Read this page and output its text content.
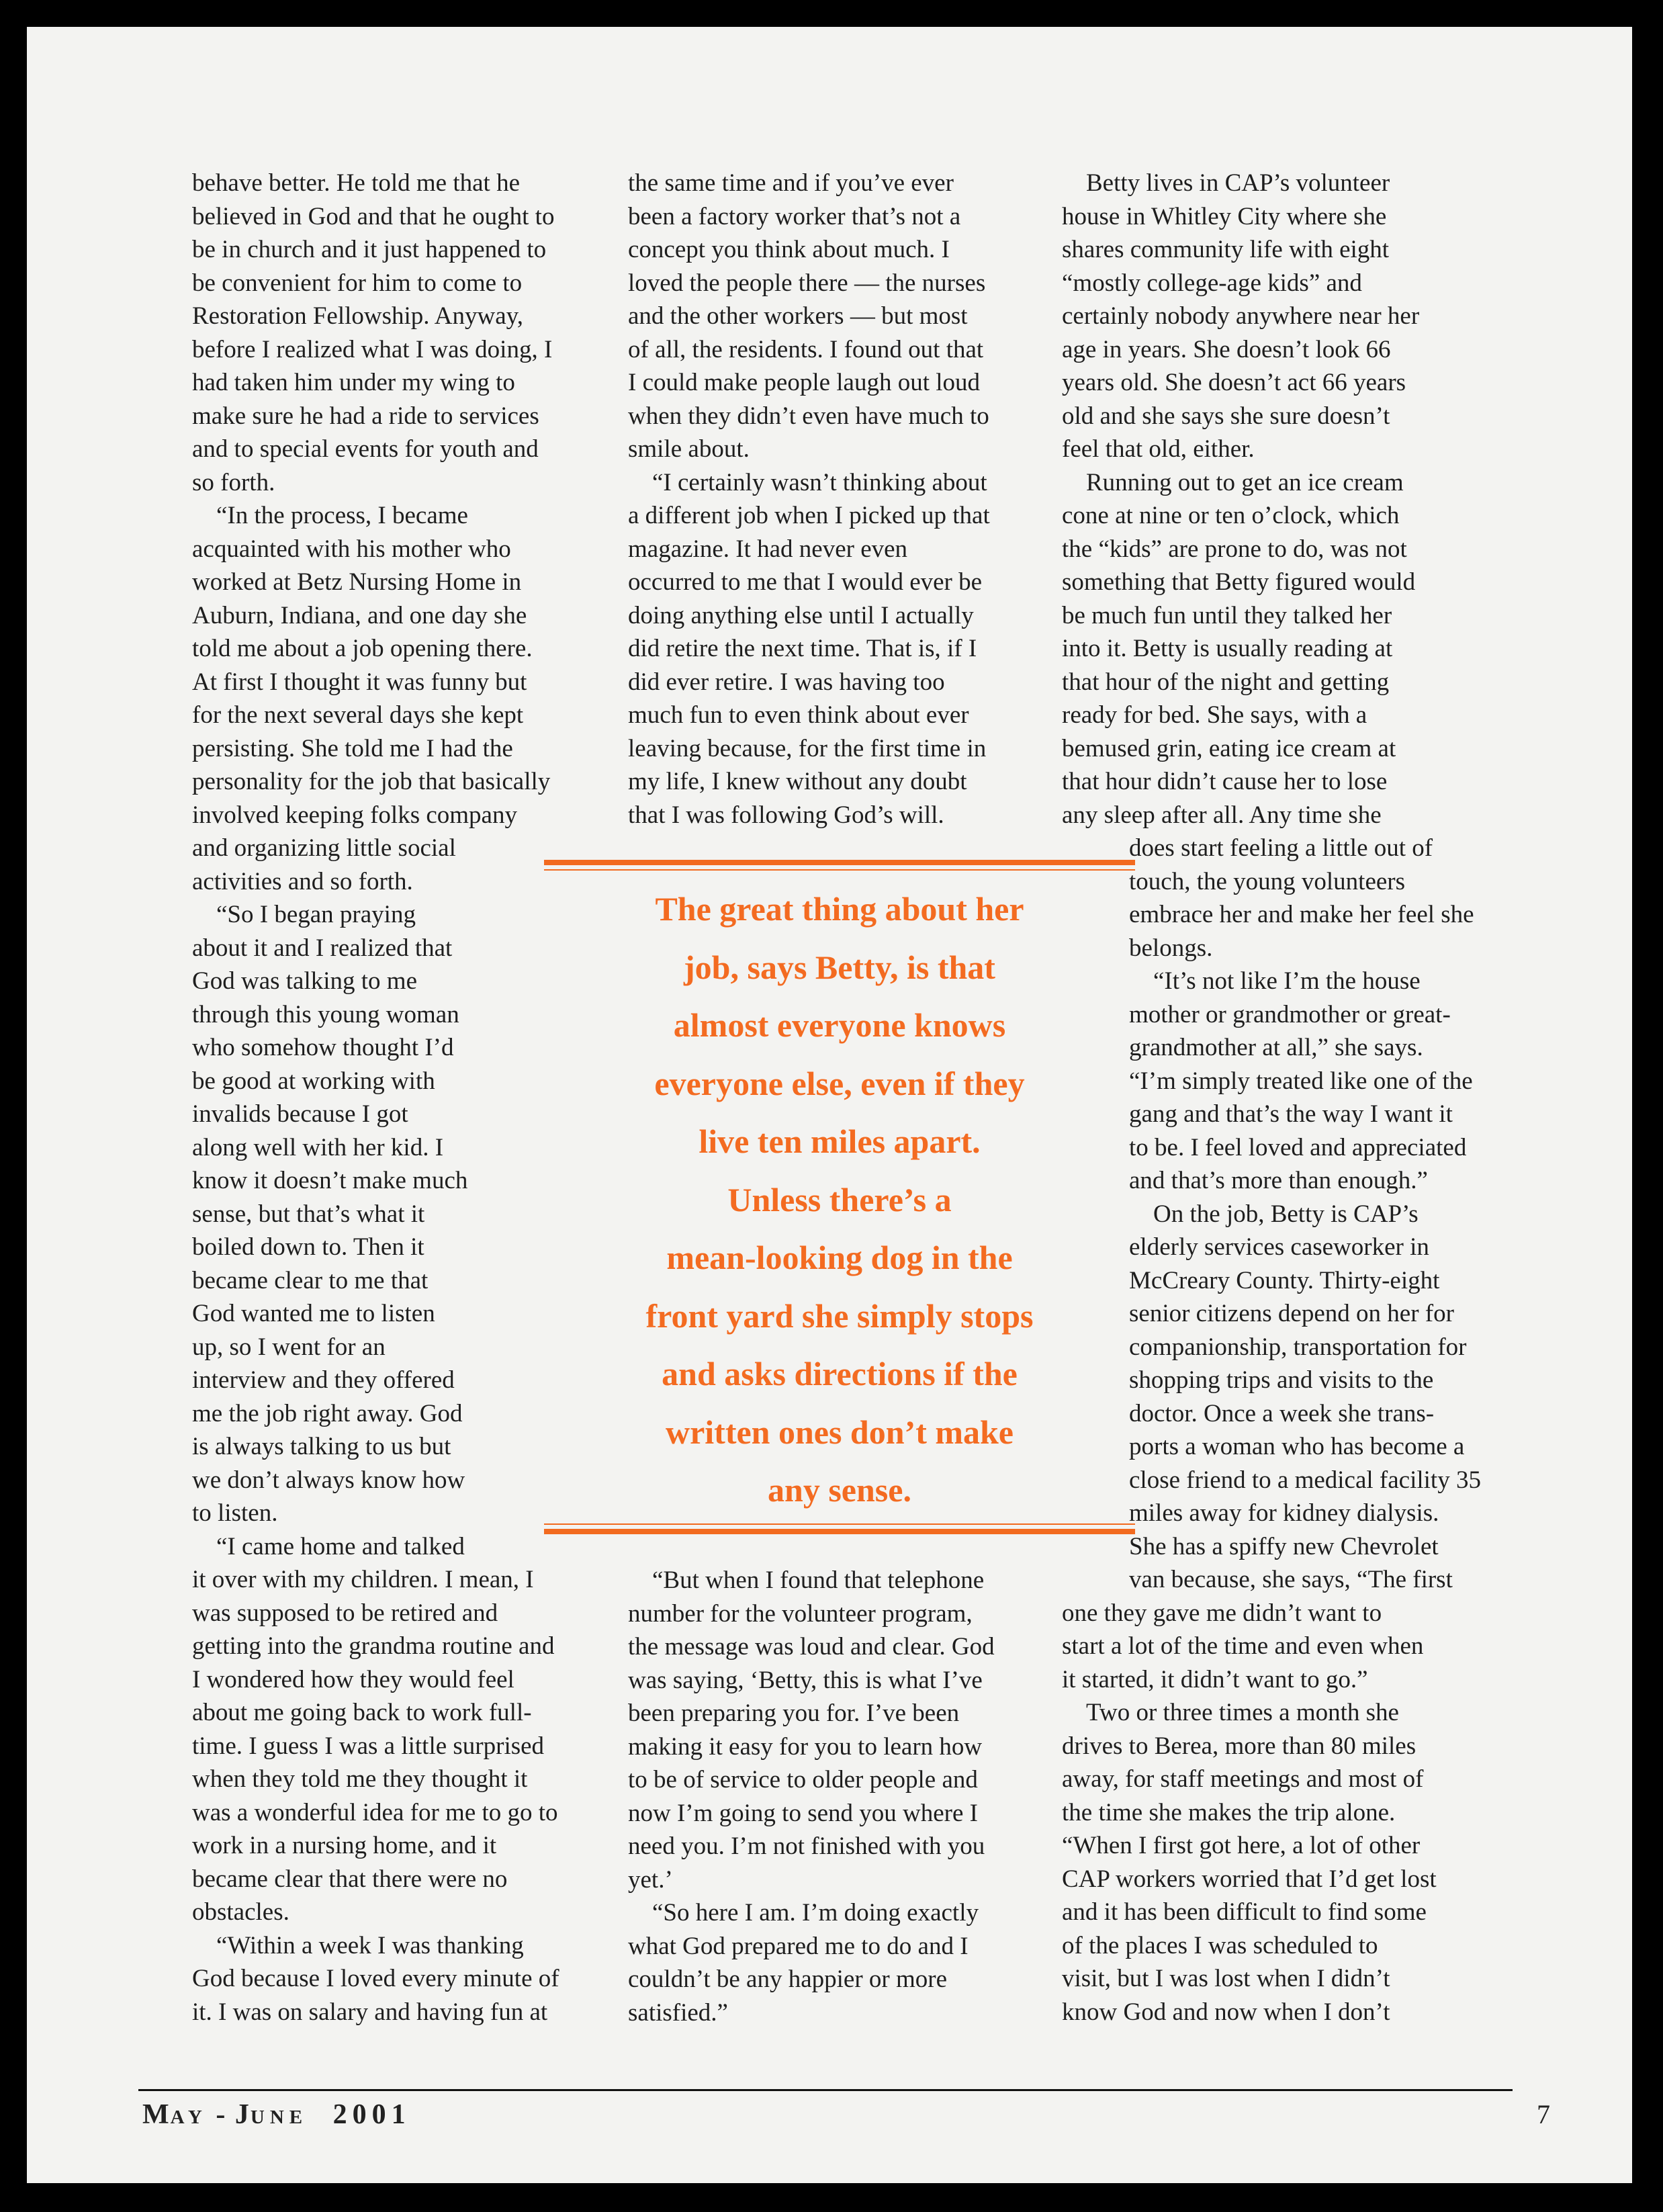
behave better. He told me that he
believed in God and that he ought to
be in church and it just happened to
be convenient for him to come to
Restoration Fellowship. Anyway,
before I realized what I was doing, I
had taken him under my wing to
make sure he had a ride to services
and to special events for youth and
so forth.

“In the process, I became
acquainted with his mother who
worked at Betz Nursing Home in
Auburn, Indiana, and one day she
told me about a job opening there.
At first I thought it was funny but
for the next several days she kept
persisting. She told me I had the
personality for the job that basically
involved keeping folks company
and organizing little social
activities and so forth.

“So I began praying
about it and I realized that
God was talking to me
through this young woman
who somehow thought I’d
be good at working with
invalids because I got
along well with her kid. I
know it doesn’t make much
sense, but that’s what it
boiled down to. Then it
became clear to me that
God wanted me to listen
up, so I went for an
interview and they offered
me the job right away. God
is always talking to us but
we don’t always know how
to listen.

“I came home and talked
it over with my children. I mean, I
was supposed to be retired and
getting into the grandma routine and
I wondered how they would feel
about me going back to work full-
time. I guess I was a little surprised
when they told me they thought it
was a wonderful idea for me to go to
work in a nursing home, and it
became clear that there were no
obstacles.

“Within a week I was thanking
God because I loved every minute of
it. I was on salary and having fun at

the same time and if you’ve ever
been a factory worker that’s not a
concept you think about much. I
loved the people there — the nurses
and the other workers — but most
of all, the residents. I found out that
I could make people laugh out loud
when they didn’t even have much to
smile about.

“I certainly wasn’t thinking about
a different job when I picked up that
magazine. It had never even
occurred to me that I would ever be
doing anything else until I actually
did retire the next time. That is, if I
did ever retire. I was having too
much fun to even think about ever
leaving because, for the first time in
my life, I knew without any doubt
that I was following God’s will.

The great thing about her
job, says Betty, is that
almost everyone knows
everyone else, even if they
live ten miles apart.
Unless there’s a
mean-looking dog in the
front yard she simply stops
and asks directions if the
written ones don’t make
any sense.

“But when I found that telephone
number for the volunteer program,
the message was loud and clear. God
was saying, ‘Betty, this is what I’ve
been preparing you for. I’ve been
making it easy for you to learn how
to be of service to older people and
now I’m going to send you where I
need you. I’m not finished with you
yet.’

“So here I am. I’m doing exactly
what God prepared me to do and I
couldn’t be any happier or more
satisfied.”

Betty lives in CAP’s volunteer
house in Whitley City where she
shares community life with eight
“mostly college-age kids” and
certainly nobody anywhere near her
age in years. She doesn’t look 66
years old. She doesn’t act 66 years
old and she says she sure doesn’t
feel that old, either.

Running out to get an ice cream
cone at nine or ten o’clock, which
the “kids” are prone to do, was not
something that Betty figured would
be much fun until they talked her
into it. Betty is usually reading at
that hour of the night and getting
ready for bed. She says, with a
bemused grin, eating ice cream at
that hour didn’t cause her to lose
any sleep after all. Any time she
does start feeling a little out of
touch, the young volunteers
embrace her and make her feel she
belongs.

“It’s not like I’m the house
mother or grandmother or great-
grandmother at all,” she says.
“I’m simply treated like one of the
gang and that’s the way I want it
to be. I feel loved and appreciated
and that’s more than enough.”

On the job, Betty is CAP’s
elderly services caseworker in
McCreary County. Thirty-eight
senior citizens depend on her for
companionship, transportation for
shopping trips and visits to the
doctor. Once a week she trans-
ports a woman who has become a
close friend to a medical facility 35
miles away for kidney dialysis.
She has a spiffy new Chevrolet
van because, she says, “The first
one they gave me didn’t want to
start a lot of the time and even when
it started, it didn’t want to go.”

Two or three times a month she
drives to Berea, more than 80 miles
away, for staff meetings and most of
the time she makes the trip alone.
“When I first got here, a lot of other
CAP workers worried that I’d get lost
and it has been difficult to find some
of the places I was scheduled to
visit, but I was lost when I didn’t
know God and now when I don’t

MAY - JUNE 2001	7
